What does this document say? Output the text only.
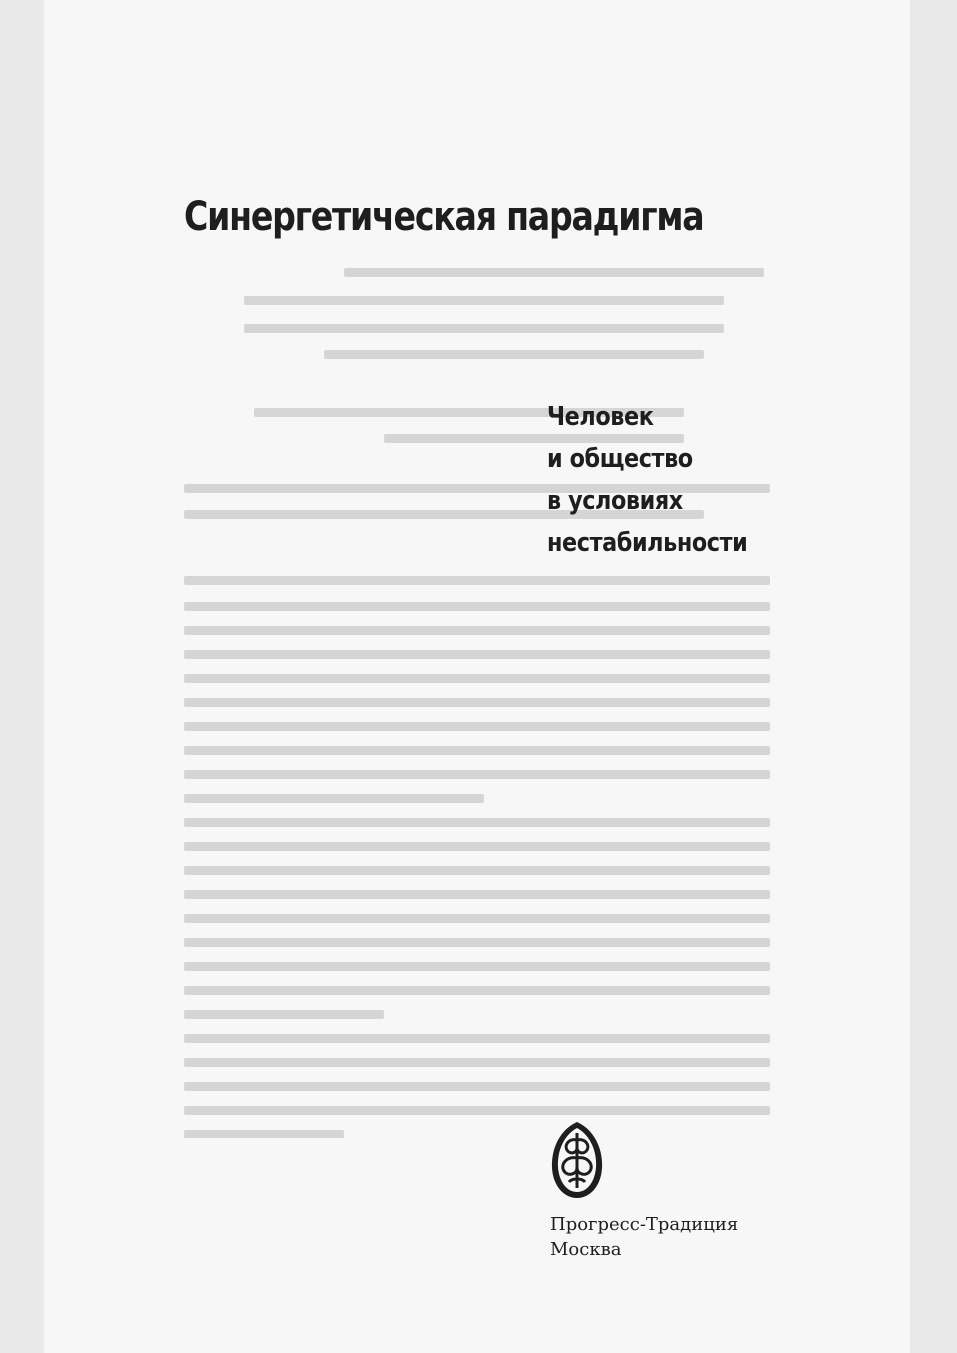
Синергетическая парадигма
Человек
и общество
в условиях
нестабильности
Прогресс-Традиция
Москва
